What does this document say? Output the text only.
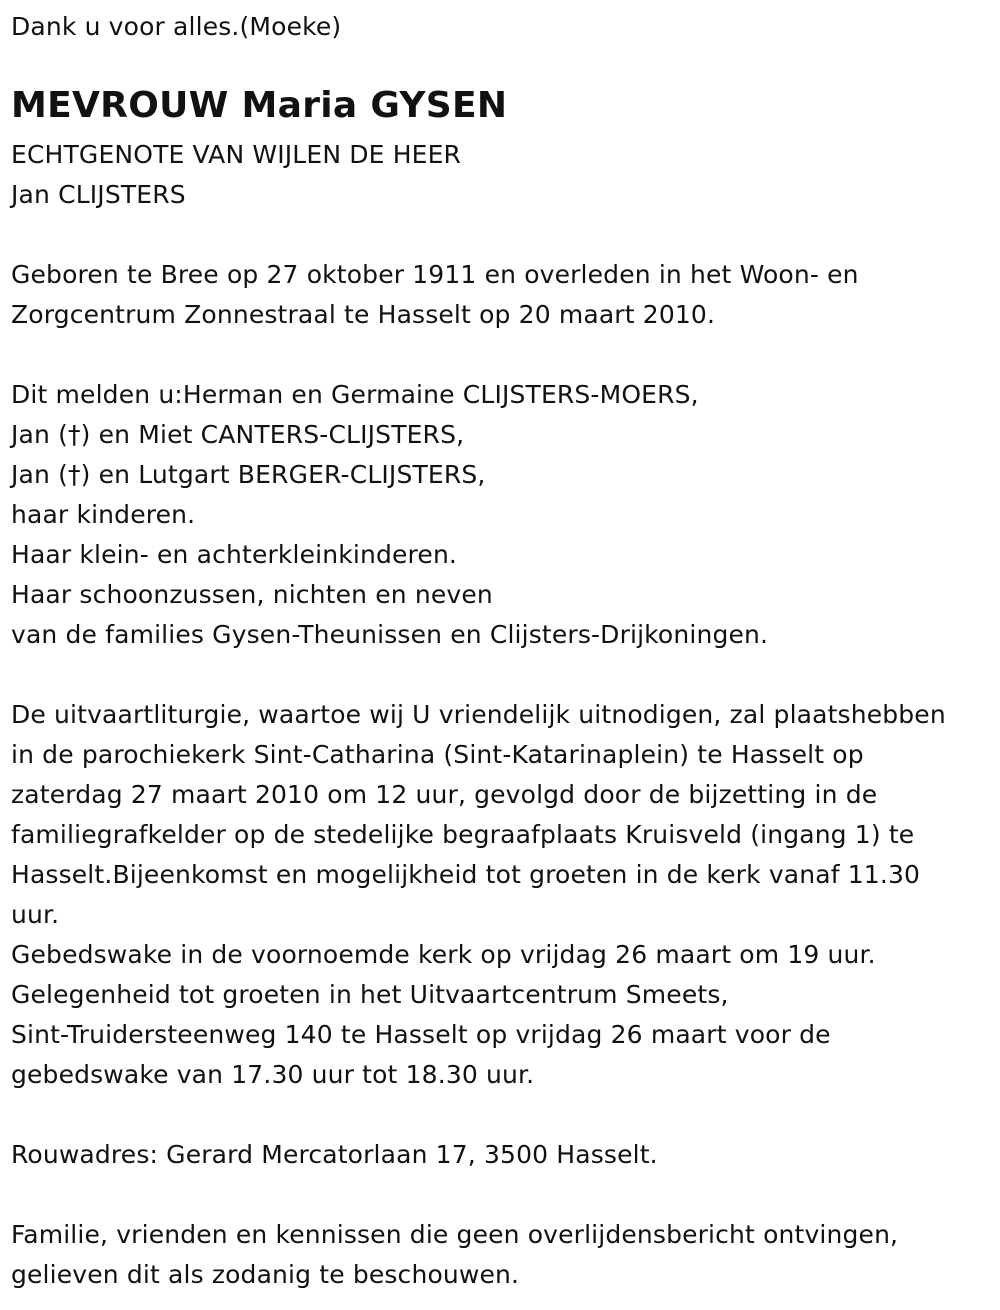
Dank u voor alles.(Moeke)
MEVROUW Maria GYSEN
ECHTGENOTE VAN WIJLEN DE HEER
Jan CLIJSTERS
Geboren te Bree op 27 oktober 1911 en overleden in het Woon- en
Zorgcentrum Zonnestraal te Hasselt op 20 maart 2010.
Dit melden u:Herman en Germaine CLIJSTERS-MOERS,
Jan (†) en Miet CANTERS-CLIJSTERS,
Jan (†) en Lutgart BERGER-CLIJSTERS,
haar kinderen.
Haar klein- en achterkleinkinderen.
Haar schoonzussen, nichten en neven
van de families Gysen-Theunissen en Clijsters-Drijkoningen.
De uitvaartliturgie, waartoe wij U vriendelijk uitnodigen, zal plaatshebben
in de parochiekerk Sint-Catharina (Sint-Katarinaplein) te Hasselt op
zaterdag 27 maart 2010 om 12 uur, gevolgd door de bijzetting in de
familiegrafkelder op de stedelijke begraafplaats Kruisveld (ingang 1) te
Hasselt.Bijeenkomst en mogelijkheid tot groeten in de kerk vanaf 11.30
uur.
Gebedswake in de voornoemde kerk op vrijdag 26 maart om 19 uur.
Gelegenheid tot groeten in het Uitvaartcentrum Smeets,
Sint-Truidersteenweg 140 te Hasselt op vrijdag 26 maart voor de
gebedswake van 17.30 uur tot 18.30 uur.
Rouwadres: Gerard Mercatorlaan 17, 3500 Hasselt.
Familie, vrienden en kennissen die geen overlijdensbericht ontvingen,
gelieven dit als zodanig te beschouwen.
